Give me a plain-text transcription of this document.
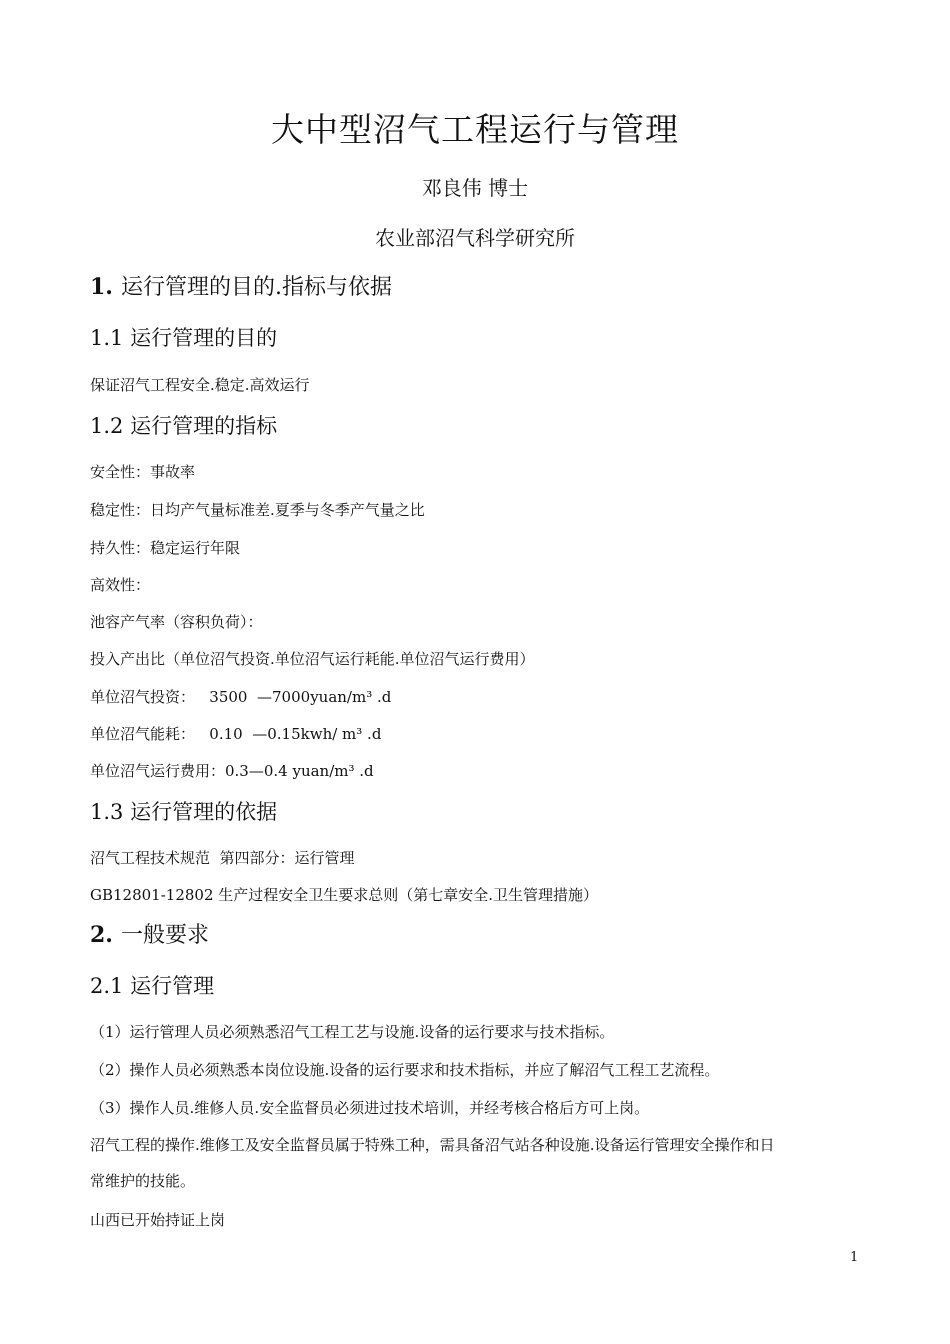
大中型沼气工程运行与管理
邓良伟 博士
农业部沼气科学研究所
1. 运行管理的目的.指标与依据
1.1 运行管理的目的
保证沼气工程安全.稳定.高效运行
1.2 运行管理的指标
安全性：事故率
稳定性：日均产气量标准差.夏季与冬季产气量之比
持久性：稳定运行年限
高效性：
池容产气率（容积负荷）：
投入产出比（单位沼气投资.单位沼气运行耗能.单位沼气运行费用）
单位沼气投资：   3500  —7000yuan/m³ .d
单位沼气能耗：   0.10  —0.15kwh/ m³ .d
单位沼气运行费用：0.3—0.4 yuan/m³ .d
1.3 运行管理的依据
沼气工程技术规范  第四部分：运行管理
GB12801-12802 生产过程安全卫生要求总则（第七章安全.卫生管理措施）
2. 一般要求
2.1 运行管理
（1）运行管理人员必须熟悉沼气工程工艺与设施.设备的运行要求与技术指标。
（2）操作人员必须熟悉本岗位设施.设备的运行要求和技术指标，并应了解沼气工程工艺流程。
（3）操作人员.维修人员.安全监督员必须进过技术培训，并经考核合格后方可上岗。
沼气工程的操作.维修工及安全监督员属于特殊工种，需具备沼气站各种设施.设备运行管理安全操作和日
常维护的技能。
山西已开始持证上岗
1
